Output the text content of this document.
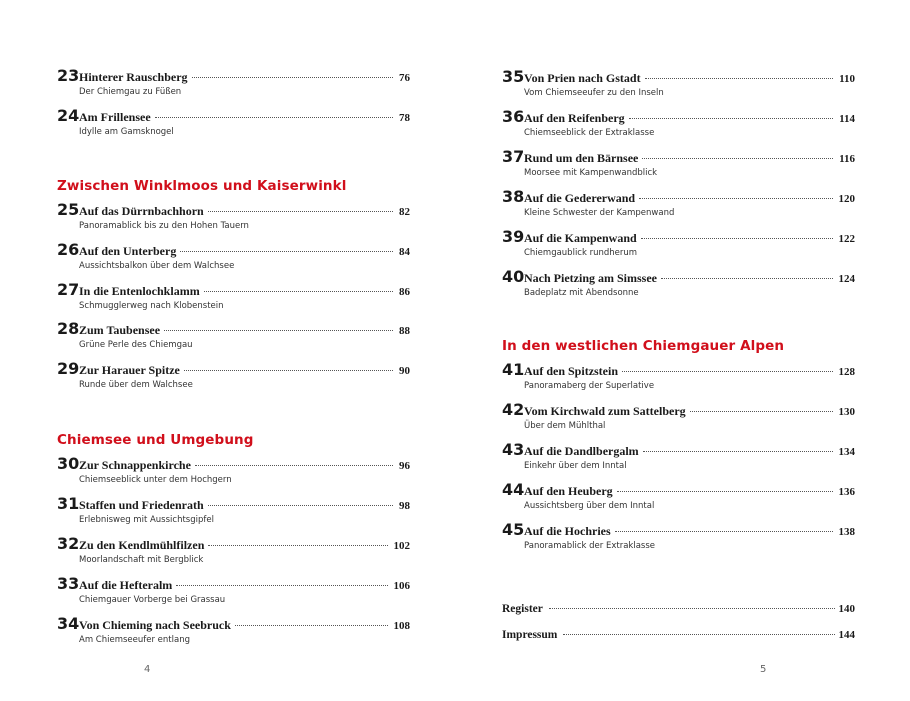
23 Hinterer Rauschberg	76
Der Chiemgau zu Füßen
24 Am Frillensee	78
Idylle am Gamsknogel
Zwischen Winklmoos und Kaiserwinkl
25 Auf das Dürrnbachhorn	82
Panoramablick bis zu den Hohen Tauern
26 Auf den Unterberg	84
Aussichtsbalkon über dem Walchsee
27 In die Entenlochklamm	86
Schmugglerweg nach Klobenstein
28 Zum Taubensee	88
Grüne Perle des Chiemgau
29 Zur Harauer Spitze	90
Runde über dem Walchsee
Chiemsee und Umgebung
30 Zur Schnappenkirche	96
Chiemseeblick unter dem Hochgern
31 Staffen und Friedenrath	98
Erlebnisweg mit Aussichtsgipfel
32 Zu den Kendlmühlfilzen	102
Moorlandschaft mit Bergblick
33 Auf die Hefteralm	106
Chiemgauer Vorberge bei Grassau
34 Von Chieming nach Seebruck	108
Am Chiemseeufer entlang
4
35 Von Prien nach Gstadt	110
Vom Chiemseeufer zu den Inseln
36 Auf den Reifenberg	114
Chiemseeblick der Extraklasse
37 Rund um den Bärnsee	116
Moorsee mit Kampenwandblick
38 Auf die Gedererwand	120
Kleine Schwester der Kampenwand
39 Auf die Kampenwand	122
Chiemgaublick rundherum
40 Nach Pietzing am Simssee	124
Badeplatz mit Abendsonne
In den westlichen Chiemgauer Alpen
41 Auf den Spitzstein	128
Panoramaberg der Superlative
42 Vom Kirchwald zum Sattelberg	130
Über dem Mühlthal
43 Auf die Dandlbergalm	134
Einkehr über dem Inntal
44 Auf den Heuberg	136
Aussichtsberg über dem Inntal
45 Auf die Hochries	138
Panoramablick der Extraklasse
Register	140
Impressum	144
5
